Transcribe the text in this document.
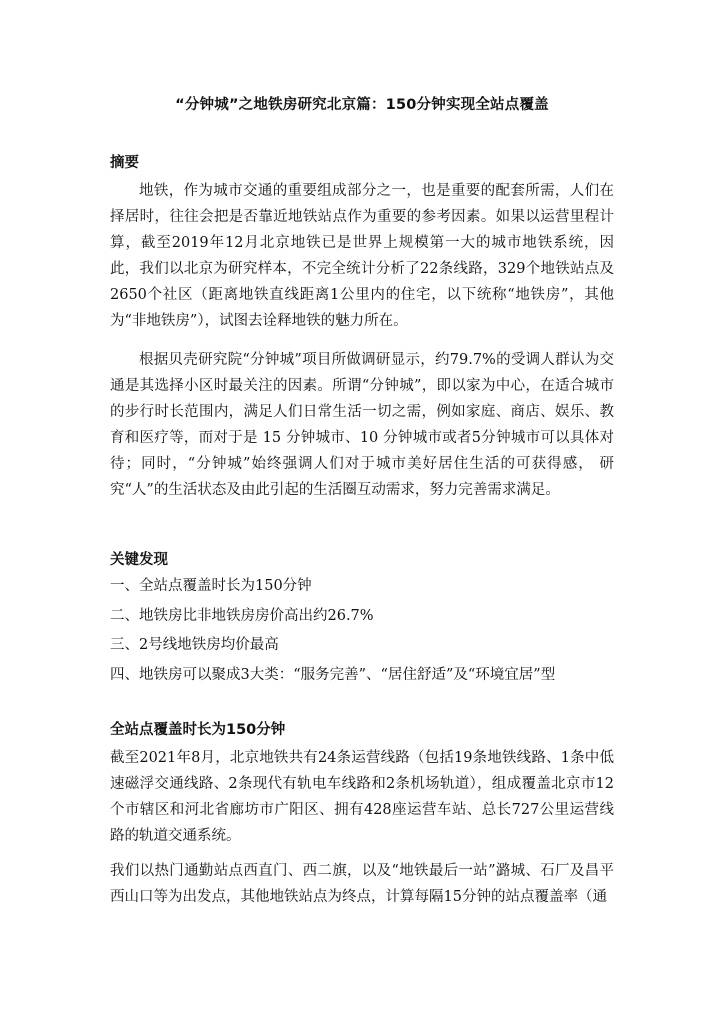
“分钟城”之地铁房研究北京篇：150分钟实现全站点覆盖
摘要
地铁，作为城市交通的重要组成部分之一，也是重要的配套所需，人们在择居时，往往会把是否靠近地铁站点作为重要的参考因素。如果以运营里程计算，截至2019年12月北京地铁已是世界上规模第一大的城市地铁系统，因此，我们以北京为研究样本，不完全统计分析了22条线路，329个地铁站点及2650个社区（距离地铁直线距离1公里内的住宅，以下统称“地铁房”，其他为“非地铁房”），试图去诠释地铁的魅力所在。
根据贝壳研究院“分钟城”项目所做调研显示，约79.7%的受调人群认为交通是其选择小区时最关注的因素。所谓“分钟城”，即以家为中心，在适合城市的步行时长范围内，满足人们日常生活一切之需，例如家庭、商店、娱乐、教育和医疗等，而对于是 15 分钟城市、10 分钟城市或者5分钟城市可以具体对待；同时，“分钟城”始终强调人们对于城市美好居住生活的可获得感， 研究“人”的生活状态及由此引起的生活圈互动需求，努力完善需求满足。
关键发现
一、全站点覆盖时长为150分钟
二、地铁房比非地铁房房价高出约26.7%
三、2号线地铁房均价最高
四、地铁房可以聚成3大类：“服务完善”、“居住舒适”及“环境宜居”型
全站点覆盖时长为150分钟
截至2021年8月，北京地铁共有24条运营线路（包括19条地铁线路、1条中低速磁浮交通线路、2条现代有轨电车线路和2条机场轨道），组成覆盖北京市12个市辖区和河北省廊坊市广阳区、拥有428座运营车站、总长727公里运营线路的轨道交通系统。
我们以热门通勤站点西直门、西二旗，以及“地铁最后一站”潞城、石厂及昌平西山口等为出发点，其他地铁站点为终点，计算每隔15分钟的站点覆盖率（通
